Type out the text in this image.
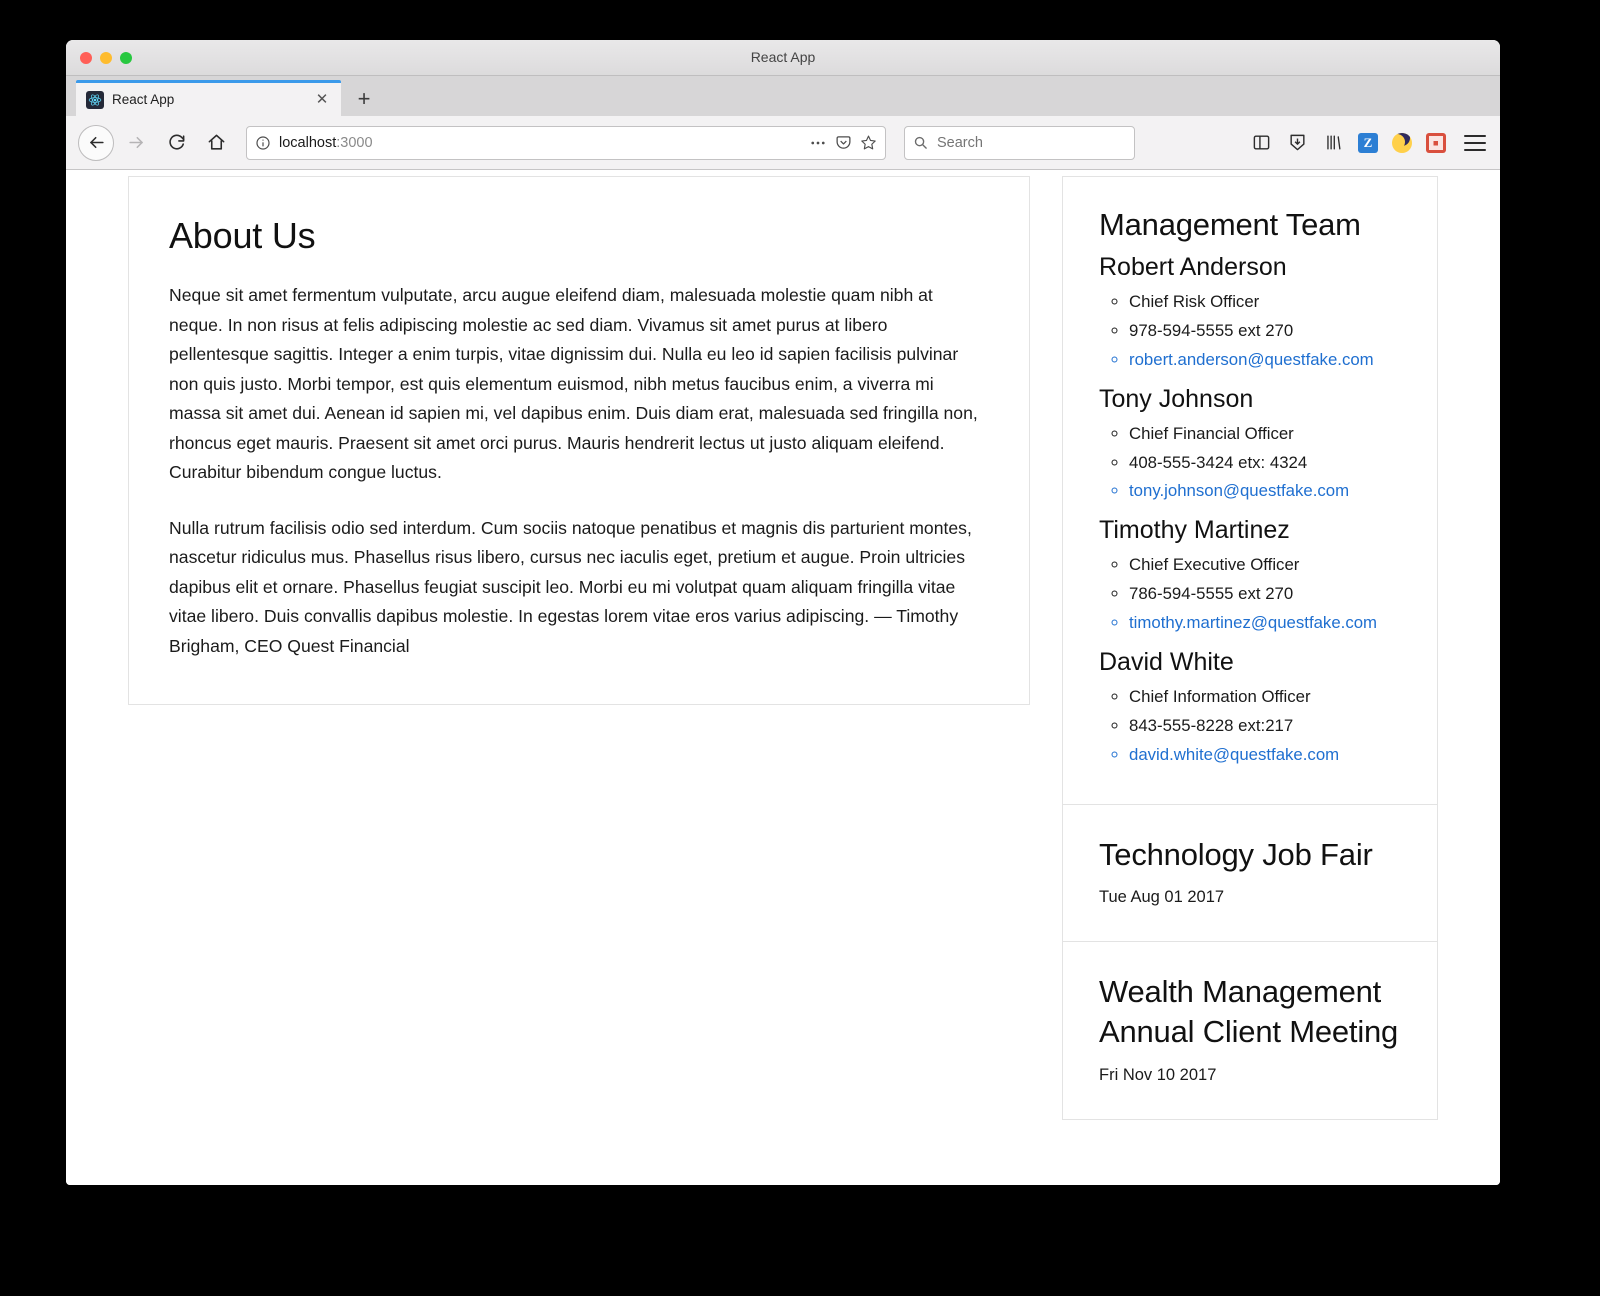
React App
React App	✕	+
localhost:3000
Search	Z
About Us

Neque sit amet fermentum vulputate, arcu augue eleifend diam, malesuada molestie quam nibh at neque. In non risus at felis adipiscing molestie ac sed diam. Vivamus sit amet purus at libero pellentesque sagittis. Integer a enim turpis, vitae dignissim dui. Nulla eu leo id sapien facilisis pulvinar non quis justo. Morbi tempor, est quis elementum euismod, nibh metus faucibus enim, a viverra mi massa sit amet dui. Aenean id sapien mi, vel dapibus enim. Duis diam erat, malesuada sed fringilla non, rhoncus eget mauris. Praesent sit amet orci purus. Mauris hendrerit lectus ut justo aliquam eleifend. Curabitur bibendum congue luctus.

Nulla rutrum facilisis odio sed interdum. Cum sociis natoque penatibus et magnis dis parturient montes, nascetur ridiculus mus. Phasellus risus libero, cursus nec iaculis eget, pretium et augue. Proin ultricies dapibus elit et ornare. Phasellus feugiat suscipit leo. Morbi eu mi volutpat quam aliquam fringilla vitae vitae libero. Duis convallis dapibus molestie. In egestas lorem vitae eros varius adipiscing. — Timothy Brigham, CEO Quest Financial

Management Team
Robert Anderson
◦ Chief Risk Officer
◦ 978-594-5555 ext 270
◦ robert.anderson@questfake.com
Tony Johnson
◦ Chief Financial Officer
◦ 408-555-3424 etx: 4324
◦ tony.johnson@questfake.com
Timothy Martinez
◦ Chief Executive Officer
◦ 786-594-5555 ext 270
◦ timothy.martinez@questfake.com
David White
◦ Chief Information Officer
◦ 843-555-8228 ext:217
◦ david.white@questfake.com
Technology Job Fair

Tue Aug 01 2017

Wealth Management Annual Client Meeting

Fri Nov 10 2017
